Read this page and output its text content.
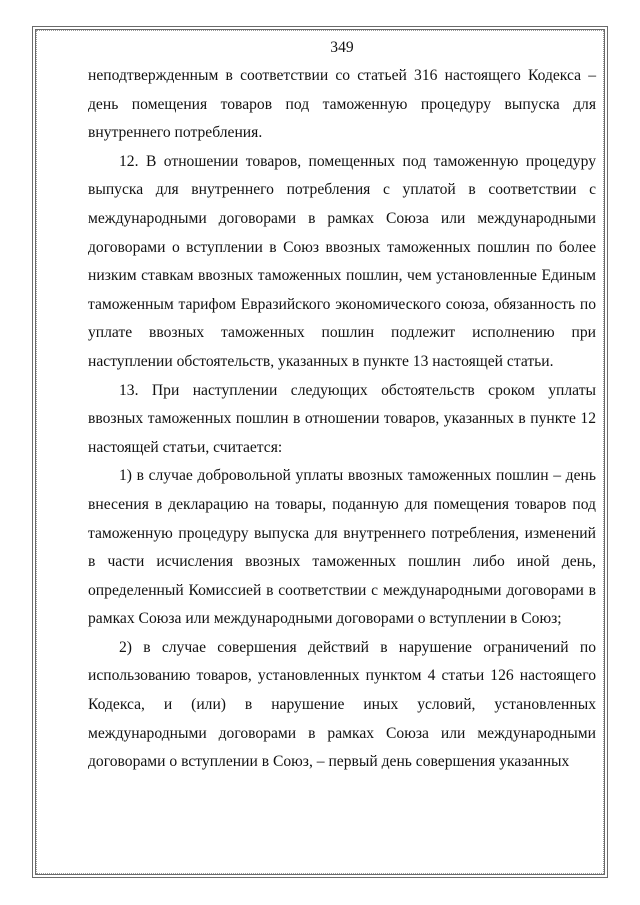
349

неподтвержденным в соответствии со статьей 316 настоящего Кодекса – день помещения товаров под таможенную процедуру выпуска для внутреннего потребления.

12. В отношении товаров, помещенных под таможенную процедуру выпуска для внутреннего потребления с уплатой в соответствии с международными договорами в рамках Союза или международными договорами о вступлении в Союз ввозных таможенных пошлин по более низким ставкам ввозных таможенных пошлин, чем установленные Единым таможенным тарифом Евразийского экономического союза, обязанность по уплате ввозных таможенных пошлин подлежит исполнению при наступлении обстоятельств, указанных в пункте 13 настоящей статьи.

13. При наступлении следующих обстоятельств сроком уплаты ввозных таможенных пошлин в отношении товаров, указанных в пункте 12 настоящей статьи, считается:

1) в случае добровольной уплаты ввозных таможенных пошлин – день внесения в декларацию на товары, поданную для помещения товаров под таможенную процедуру выпуска для внутреннего потребления, изменений в части исчисления ввозных таможенных пошлин либо иной день, определенный Комиссией в соответствии с международными договорами в рамках Союза или международными договорами о вступлении в Союз;

2) в случае совершения действий в нарушение ограничений по использованию товаров, установленных пунктом 4 статьи 126 настоящего Кодекса, и (или) в нарушение иных условий, установленных международными договорами в рамках Союза или международными договорами о вступлении в Союз, – первый день совершения указанных
